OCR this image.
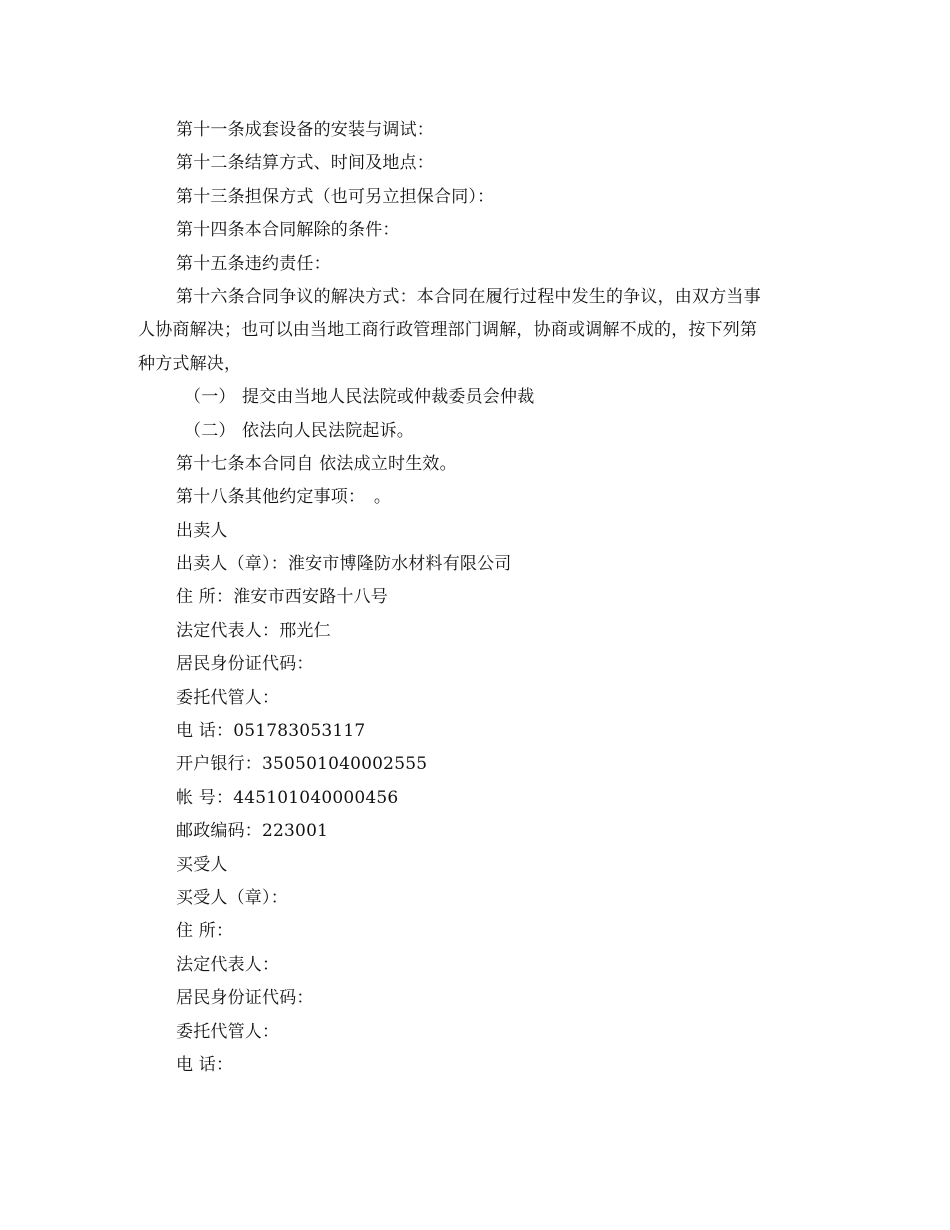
第十一条成套设备的安装与调试：
第十二条结算方式、时间及地点：
第十三条担保方式（也可另立担保合同）：
第十四条本合同解除的条件：
第十五条违约责任：
第十六条合同争议的解决方式：本合同在履行过程中发生的争议，由双方当事
人协商解决；也可以由当地工商行政管理部门调解，协商或调解不成的，按下列第
种方式解决，
（一） 提交由当地人民法院或仲裁委员会仲裁
（二） 依法向人民法院起诉。
第十七条本合同自 依法成立时生效。
第十八条其他约定事项：　。
出卖人
出卖人（章）：淮安市博隆防水材料有限公司
住 所：淮安市西安路十八号
法定代表人：邢光仁
居民身份证代码：
委托代管人：
电 话：051783053117
开户银行：350501040002555
帐 号：445101040000456
邮政编码：223001
买受人
买受人（章）：
住 所：
法定代表人：
居民身份证代码：
委托代管人：
电 话：
